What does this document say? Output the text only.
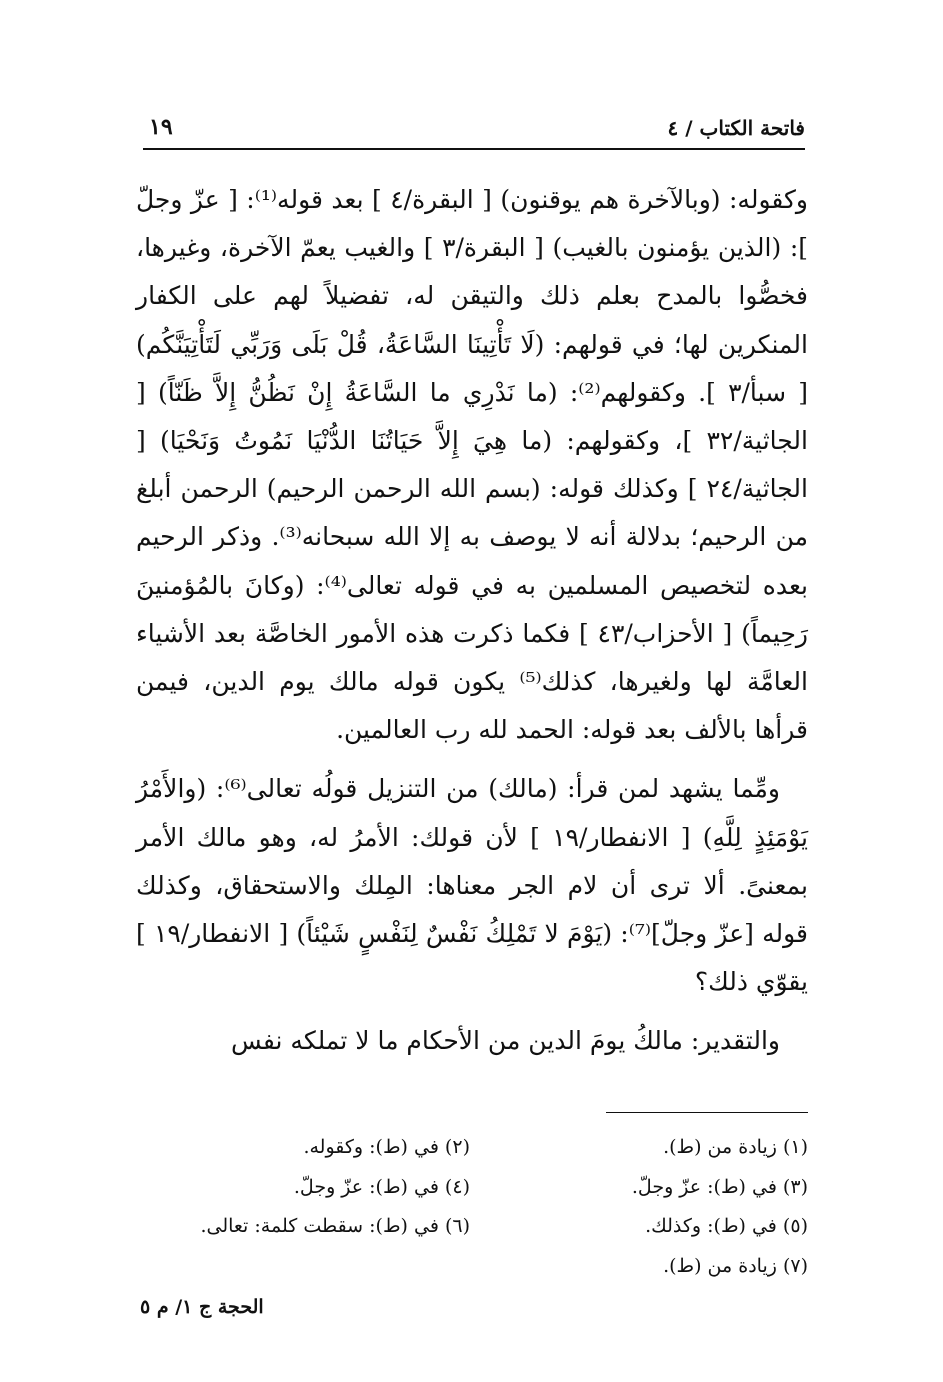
فاتحة الكتاب / ٤
١٩

وكقوله: (وبالآخرة هم يوقنون) [ البقرة/٤ ] بعد قوله⁽¹⁾: [ عزّ وجلّ ]: (الذين يؤمنون بالغيب) [ البقرة/٣ ] والغيب يعمّ الآخرة، وغيرها، فخصُّوا بالمدح بعلم ذلك والتيقن له، تفضيلاً لهم على الكفار المنكرين لها؛ في قولهم: (لَا تَأْتِينَا السَّاعَةُ، قُلْ بَلَى وَرَبِّي لَتَأْتِيَنَّكُم) [ سبأ/٣ ]. وكقولهم⁽²⁾: (ما نَدْرِي ما السَّاعَةُ إِنْ نَظُنُّ إِلاَّ ظَنّاً) [ الجاثية/٣٢ ]، وكقولهم: (ما هِيَ إِلاَّ حَيَاتُنَا الدُّنْيَا نَمُوتُ وَنَحْيَا) [ الجاثية/٢٤ ] وكذلك قوله: (بسم الله الرحمن الرحيم) الرحمن أبلغ من الرحيم؛ بدلالة أنه لا يوصف به إلا الله سبحانه⁽³⁾. وذكر الرحيم بعده لتخصيص المسلمين به في قوله تعالى⁽⁴⁾: (وكانَ بالمُؤمنينَ رَحِيماً) [ الأحزاب/٤٣ ] فكما ذكرت هذه الأمور الخاصَّة بعد الأشياء العامَّة لها ولغيرها، كذلك⁽⁵⁾ يكون قوله مالك يوم الدين، فيمن قرأها بالألف بعد قوله: الحمد لله رب العالمين.

ومِّما يشهد لمن قرأ: (مالك) من التنزيل قولُه تعالى⁽⁶⁾: (والأَمْرُ يَوْمَئِذٍ لِلَّهِ) [ الانفطار/١٩ ] لأن قولك: الأمرُ له، وهو مالك الأمر بمعنىً. ألا ترى أن لام الجر معناها: المِلك والاستحقاق، وكذلك قوله [عزّ وجلّ]⁽⁷⁾: (يَوْمَ لا تَمْلِكُ نَفْسٌ لِنَفْسٍ شَيْئاً) [ الانفطار/١٩ ] يقوّي ذلك؟

والتقدير: مالكُ يومَ الدين من الأحكام ما لا تملكه نفس

(١) زيادة من (ط).
(٢) في (ط): وكقوله.
(٣) في (ط): عزّ وجلّ.
(٤) في (ط): عزّ وجلّ.
(٥) في (ط): وكذلك.
(٦) في (ط): سقطت كلمة: تعالى.
(٧) زيادة من (ط).
الحجة ج ١/ م ٥
